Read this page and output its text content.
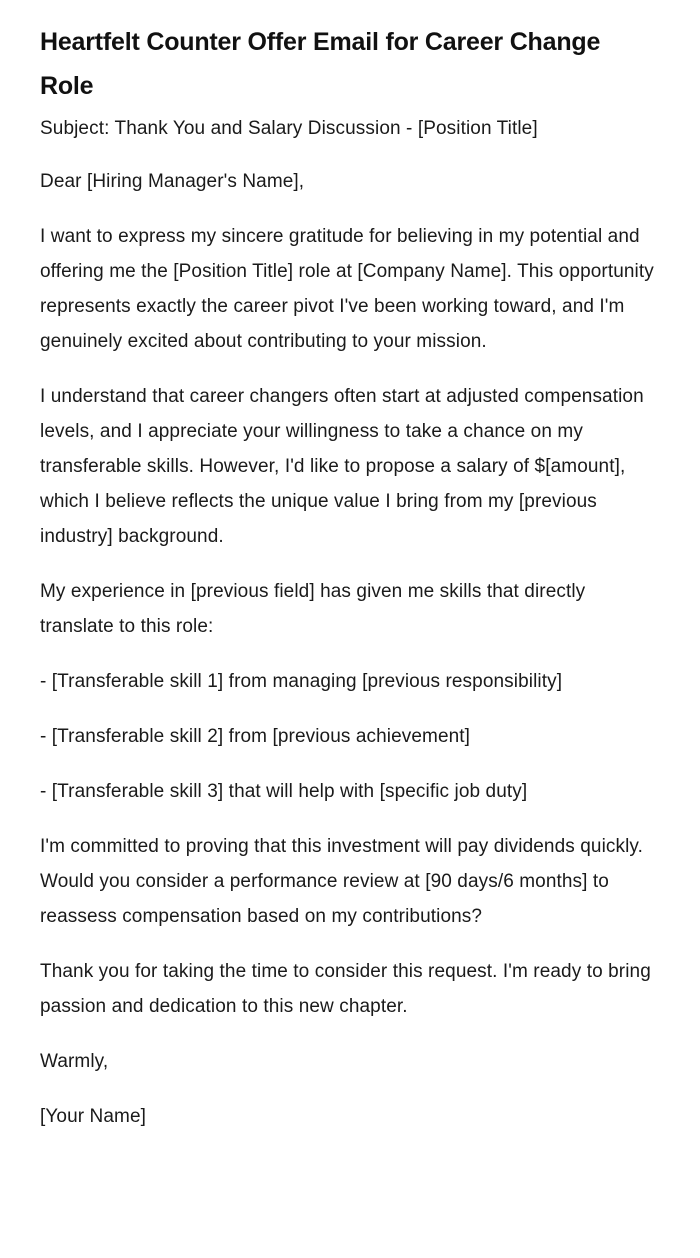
Heartfelt Counter Offer Email for Career Change Role

Subject: Thank You and Salary Discussion - [Position Title]

Dear [Hiring Manager's Name],

I want to express my sincere gratitude for believing in my potential and offering me the [Position Title] role at [Company Name]. This opportunity represents exactly the career pivot I've been working toward, and I'm genuinely excited about contributing to your mission.

I understand that career changers often start at adjusted compensation levels, and I appreciate your willingness to take a chance on my transferable skills. However, I'd like to propose a salary of $[amount], which I believe reflects the unique value I bring from my [previous industry] background.

My experience in [previous field] has given me skills that directly translate to this role:

- [Transferable skill 1] from managing [previous responsibility]

- [Transferable skill 2] from [previous achievement]

- [Transferable skill 3] that will help with [specific job duty]

I'm committed to proving that this investment will pay dividends quickly. Would you consider a performance review at [90 days/6 months] to reassess compensation based on my contributions?

Thank you for taking the time to consider this request. I'm ready to bring passion and dedication to this new chapter.

Warmly,

[Your Name]
